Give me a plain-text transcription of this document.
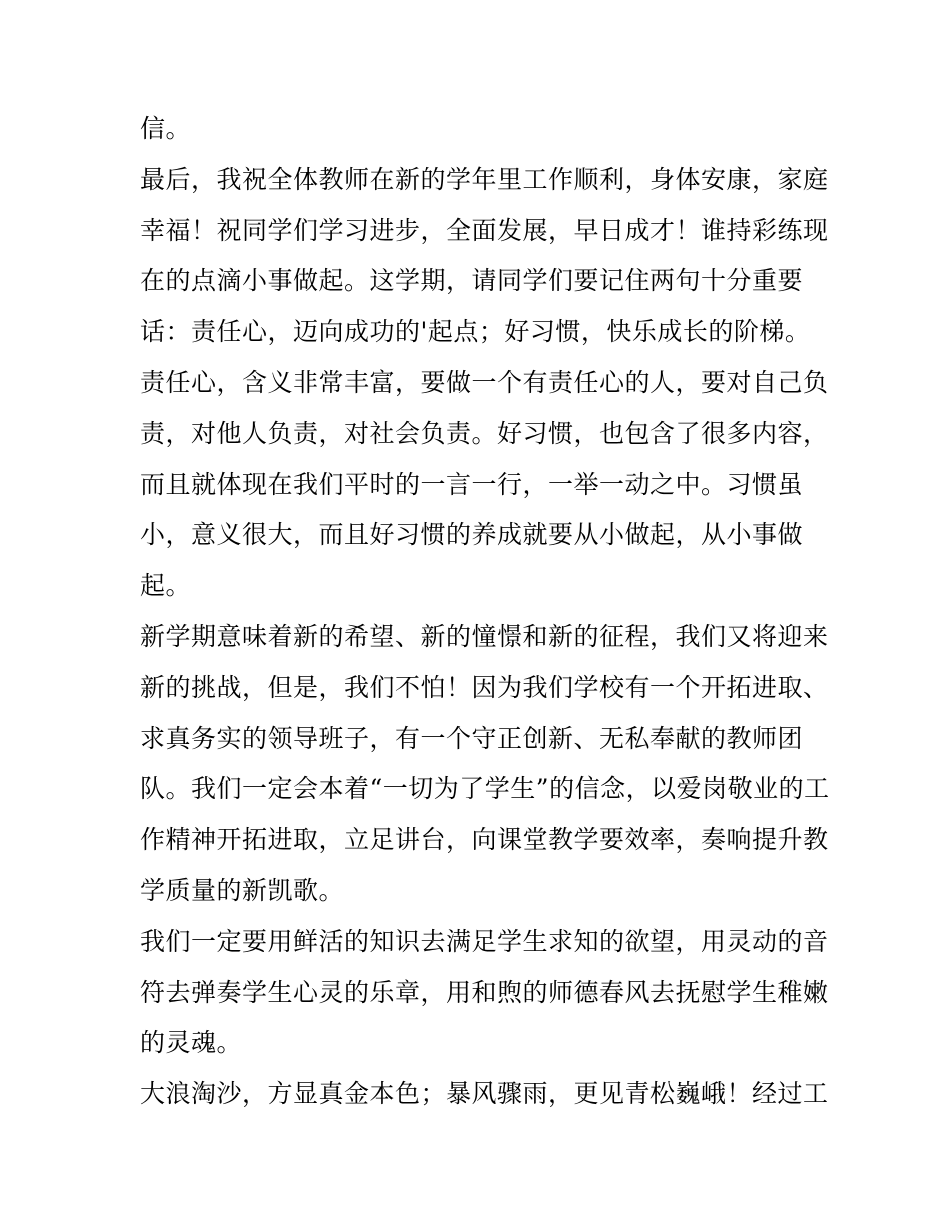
信。
最后，我祝全体教师在新的学年里工作顺利，身体安康，家庭
幸福！祝同学们学习进步，全面发展，早日成才！谁持彩练现
在的点滴小事做起。这学期，请同学们要记住两句十分重要
话：责任心，迈向成功的'起点；好习惯，快乐成长的阶梯。
责任心，含义非常丰富，要做一个有责任心的人，要对自己负
责，对他人负责，对社会负责。好习惯，也包含了很多内容，
而且就体现在我们平时的一言一行，一举一动之中。习惯虽
小，意义很大，而且好习惯的养成就要从小做起，从小事做
起。
新学期意味着新的希望、新的憧憬和新的征程，我们又将迎来
新的挑战，但是，我们不怕！因为我们学校有一个开拓进取、
求真务实的领导班子，有一个守正创新、无私奉献的教师团
队。我们一定会本着“一切为了学生”的信念，以爱岗敬业的工
作精神开拓进取，立足讲台，向课堂教学要效率，奏响提升教
学质量的新凯歌。
我们一定要用鲜活的知识去满足学生求知的欲望，用灵动的音
符去弹奏学生心灵的乐章，用和煦的师德春风去抚慰学生稚嫩
的灵魂。
大浪淘沙，方显真金本色；暴风骤雨，更见青松巍峨！经过工
